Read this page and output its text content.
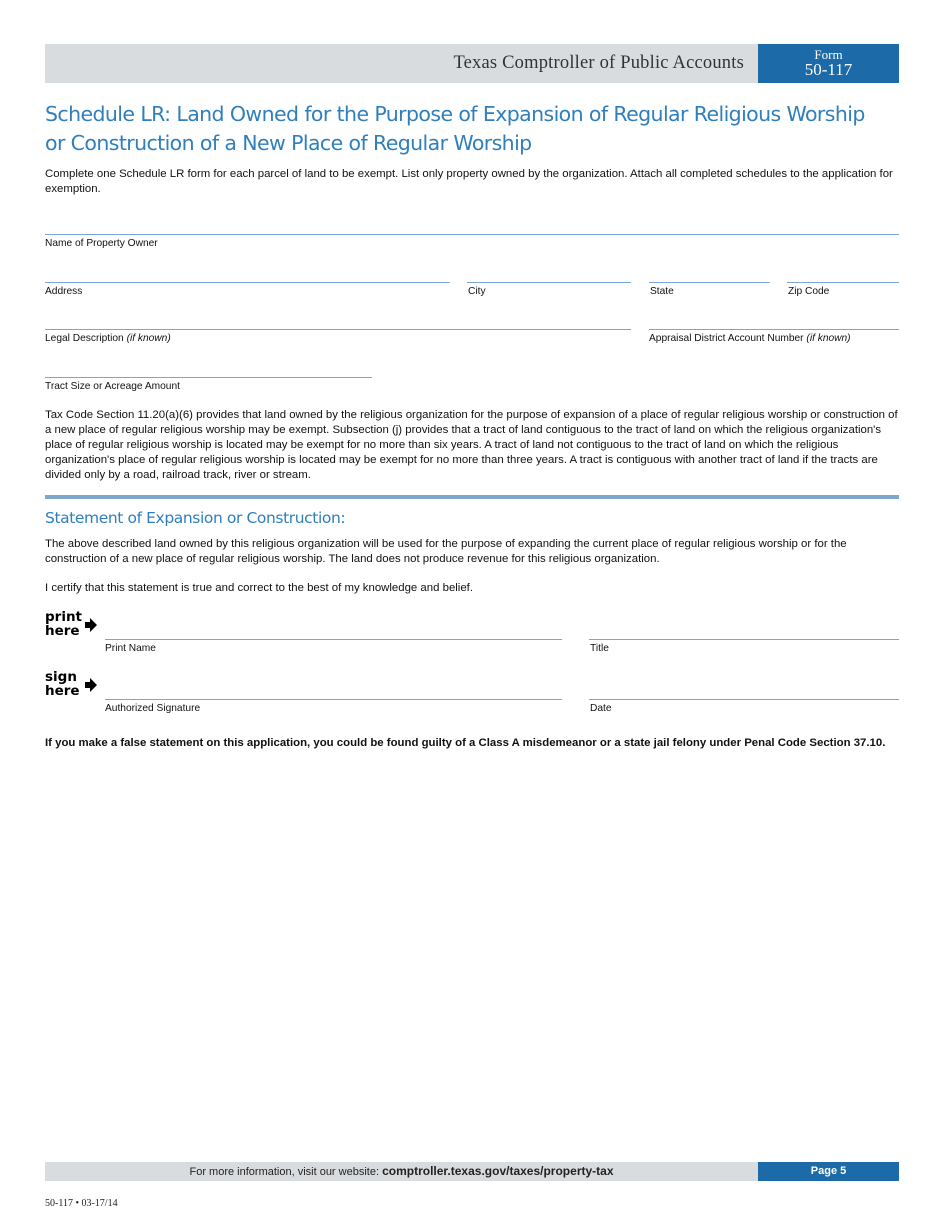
Texas Comptroller of Public Accounts	Form
50-117
Schedule LR: Land Owned for the Purpose of Expansion of Regular Religious Worship
or Construction of a New Place of Regular Worship
Complete one Schedule LR form for each parcel of land to be exempt. List only property owned by the organization. Attach all completed schedules to the application for exemption.
Name of Property Owner
Address	City	State	Zip Code
Legal Description (if known)	Appraisal District Account Number (if known)
Tract Size or Acreage Amount
Tax Code Section 11.20(a)(6) provides that land owned by the religious organization for the purpose of expansion of a place of regular religious worship or construction of a new place of regular religious worship may be exempt. Subsection (j) provides that a tract of land contiguous to the tract of land on which the religious organization's place of regular religious worship is located may be exempt for no more than six years. A tract of land not contiguous to the tract of land on which the religious organization's place of regular religious worship is located may be exempt for no more than three years. A tract is contiguous with another tract of land if the tracts are divided only by a road, railroad track, river or stream.
Statement of Expansion or Construction:
The above described land owned by this religious organization will be used for the purpose of expanding the current place of regular religious worship or for the construction of a new place of regular religious worship. The land does not produce revenue for this religious organization.
I certify that this statement is true and correct to the best of my knowledge and belief.
print
here
Print Name	Title
sign
here
Authorized Signature	Date
If you make a false statement on this application, you could be found guilty of a Class A misdemeanor or a state jail felony under Penal Code Section 37.10.
For more information, visit our website: comptroller.texas.gov/taxes/property-tax	Page 5
50-117 • 03-17/14
